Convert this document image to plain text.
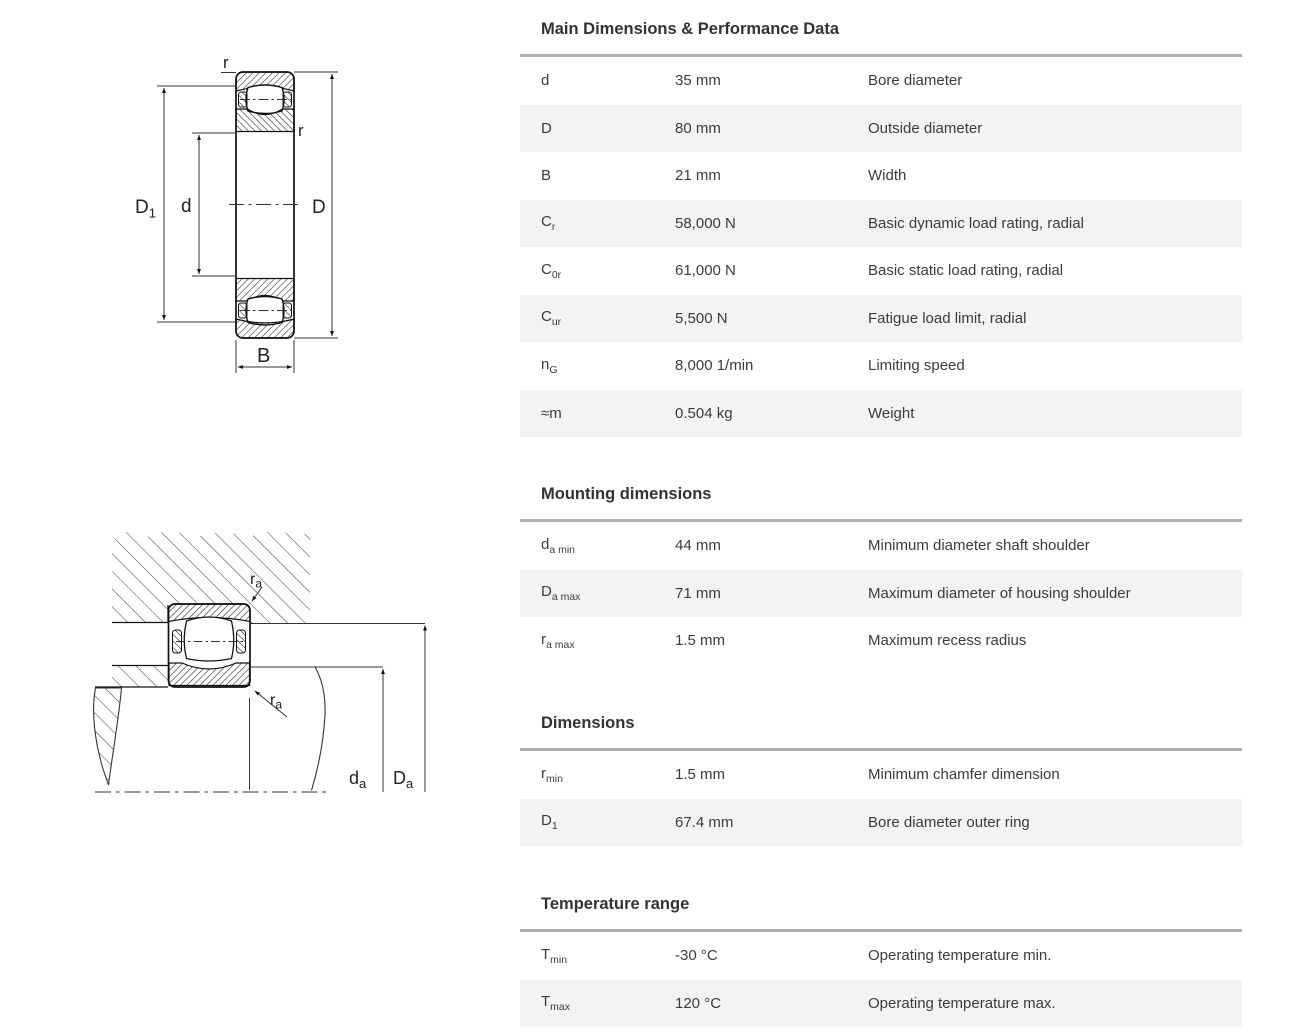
$D_1$ d	D
B
r
r
$r_a$
$r_a$
$d_a$ $D_a$
Main Dimensions & Performance Data
d	35 mm	Bore diameter
D	80 mm	Outside diameter
B	21 mm	Width
$C_r$	58,000 N	Basic dynamic load rating, radial
$C_{0r}$	61,000 N	Basic static load rating, radial
$C_{ur}$	5,500 N	Fatigue load limit, radial
$n_G$	8,000 1/min	Limiting speed
≈m	0.504 kg	Weight
Mounting dimensions
$d_{a min}$	44 mm	Minimum diameter shaft shoulder
$D_{a max}$	71 mm	Maximum diameter of housing shoulder
$r_{a max}$	1.5 mm	Maximum recess radius
Dimensions
$r_{min}$	1.5 mm	Minimum chamfer dimension
$D_1$	67.4 mm	Bore diameter outer ring
Temperature range
$T_{min}$	-30 °C	Operating temperature min.
$T_{max}$	120 °C	Operating temperature max.
